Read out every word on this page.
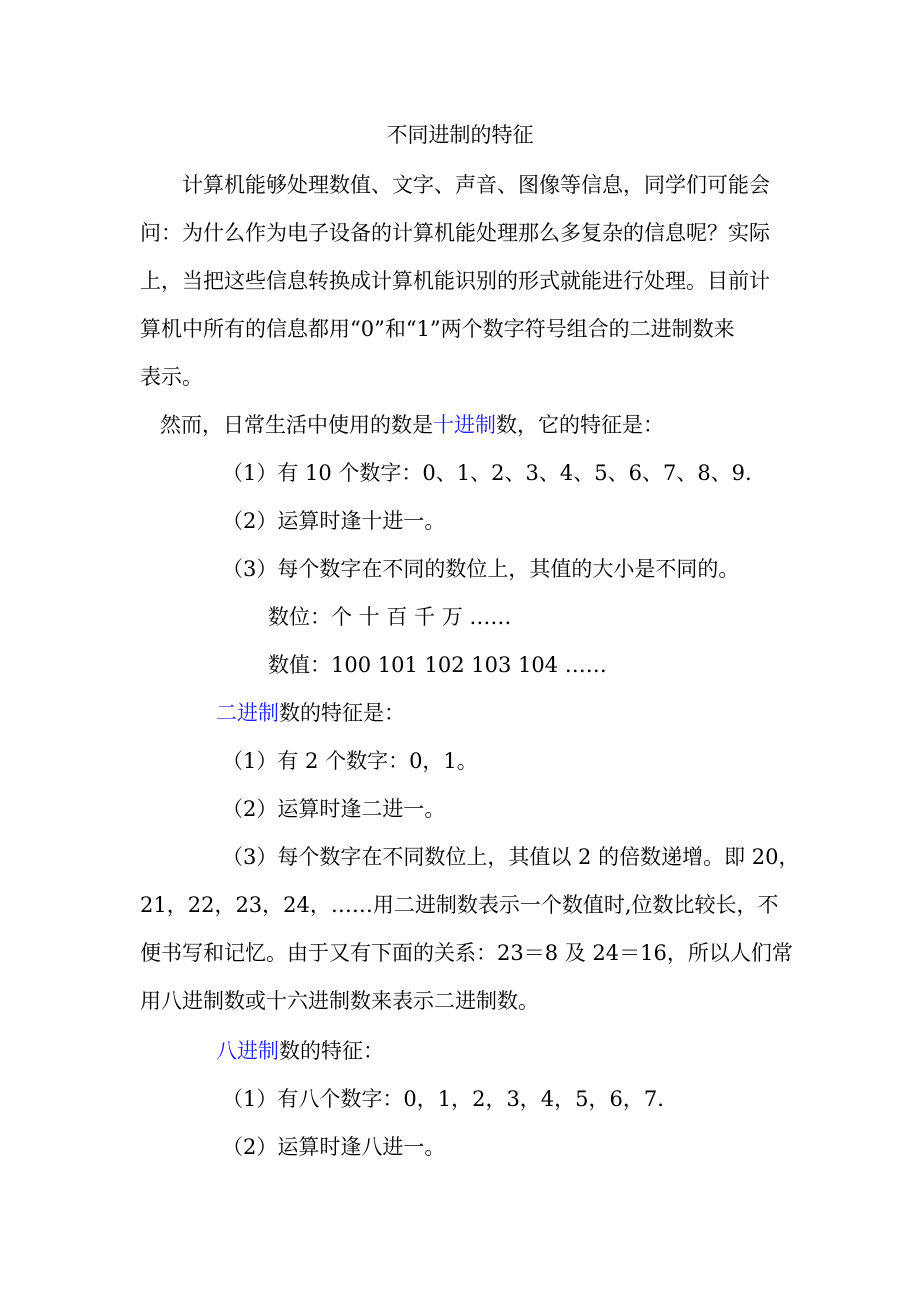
不同进制的特征
计算机能够处理数值、文字、声音、图像等信息，同学们可能会
问：为什么作为电子设备的计算机能处理那么多复杂的信息呢？实际
上，当把这些信息转换成计算机能识别的形式就能进行处理。目前计
算机中所有的信息都用“0”和“1”两个数字符号组合的二进制数来
表示。
然而，日常生活中使用的数是十进制数，它的特征是：
（1）有 10 个数字：0、1、2、3、4、5、6、7、8、9.
（2）运算时逢十进一。
（3）每个数字在不同的数位上，其值的大小是不同的。
数位：个 十 百 千 万 ……
数值：100 101 102 103 104 ……
二进制数的特征是：
（1）有 2 个数字：0，1。
（2）运算时逢二进一。
（3）每个数字在不同数位上，其值以 2 的倍数递增。即 20，
21，22，23，24，……用二进制数表示一个数值时,位数比较长，不
便书写和记忆。由于又有下面的关系：23＝8 及 24＝16，所以人们常
用八进制数或十六进制数来表示二进制数。
八进制数的特征：
（1）有八个数字：0，1，2，3，4，5，6，7.
（2）运算时逢八进一。
